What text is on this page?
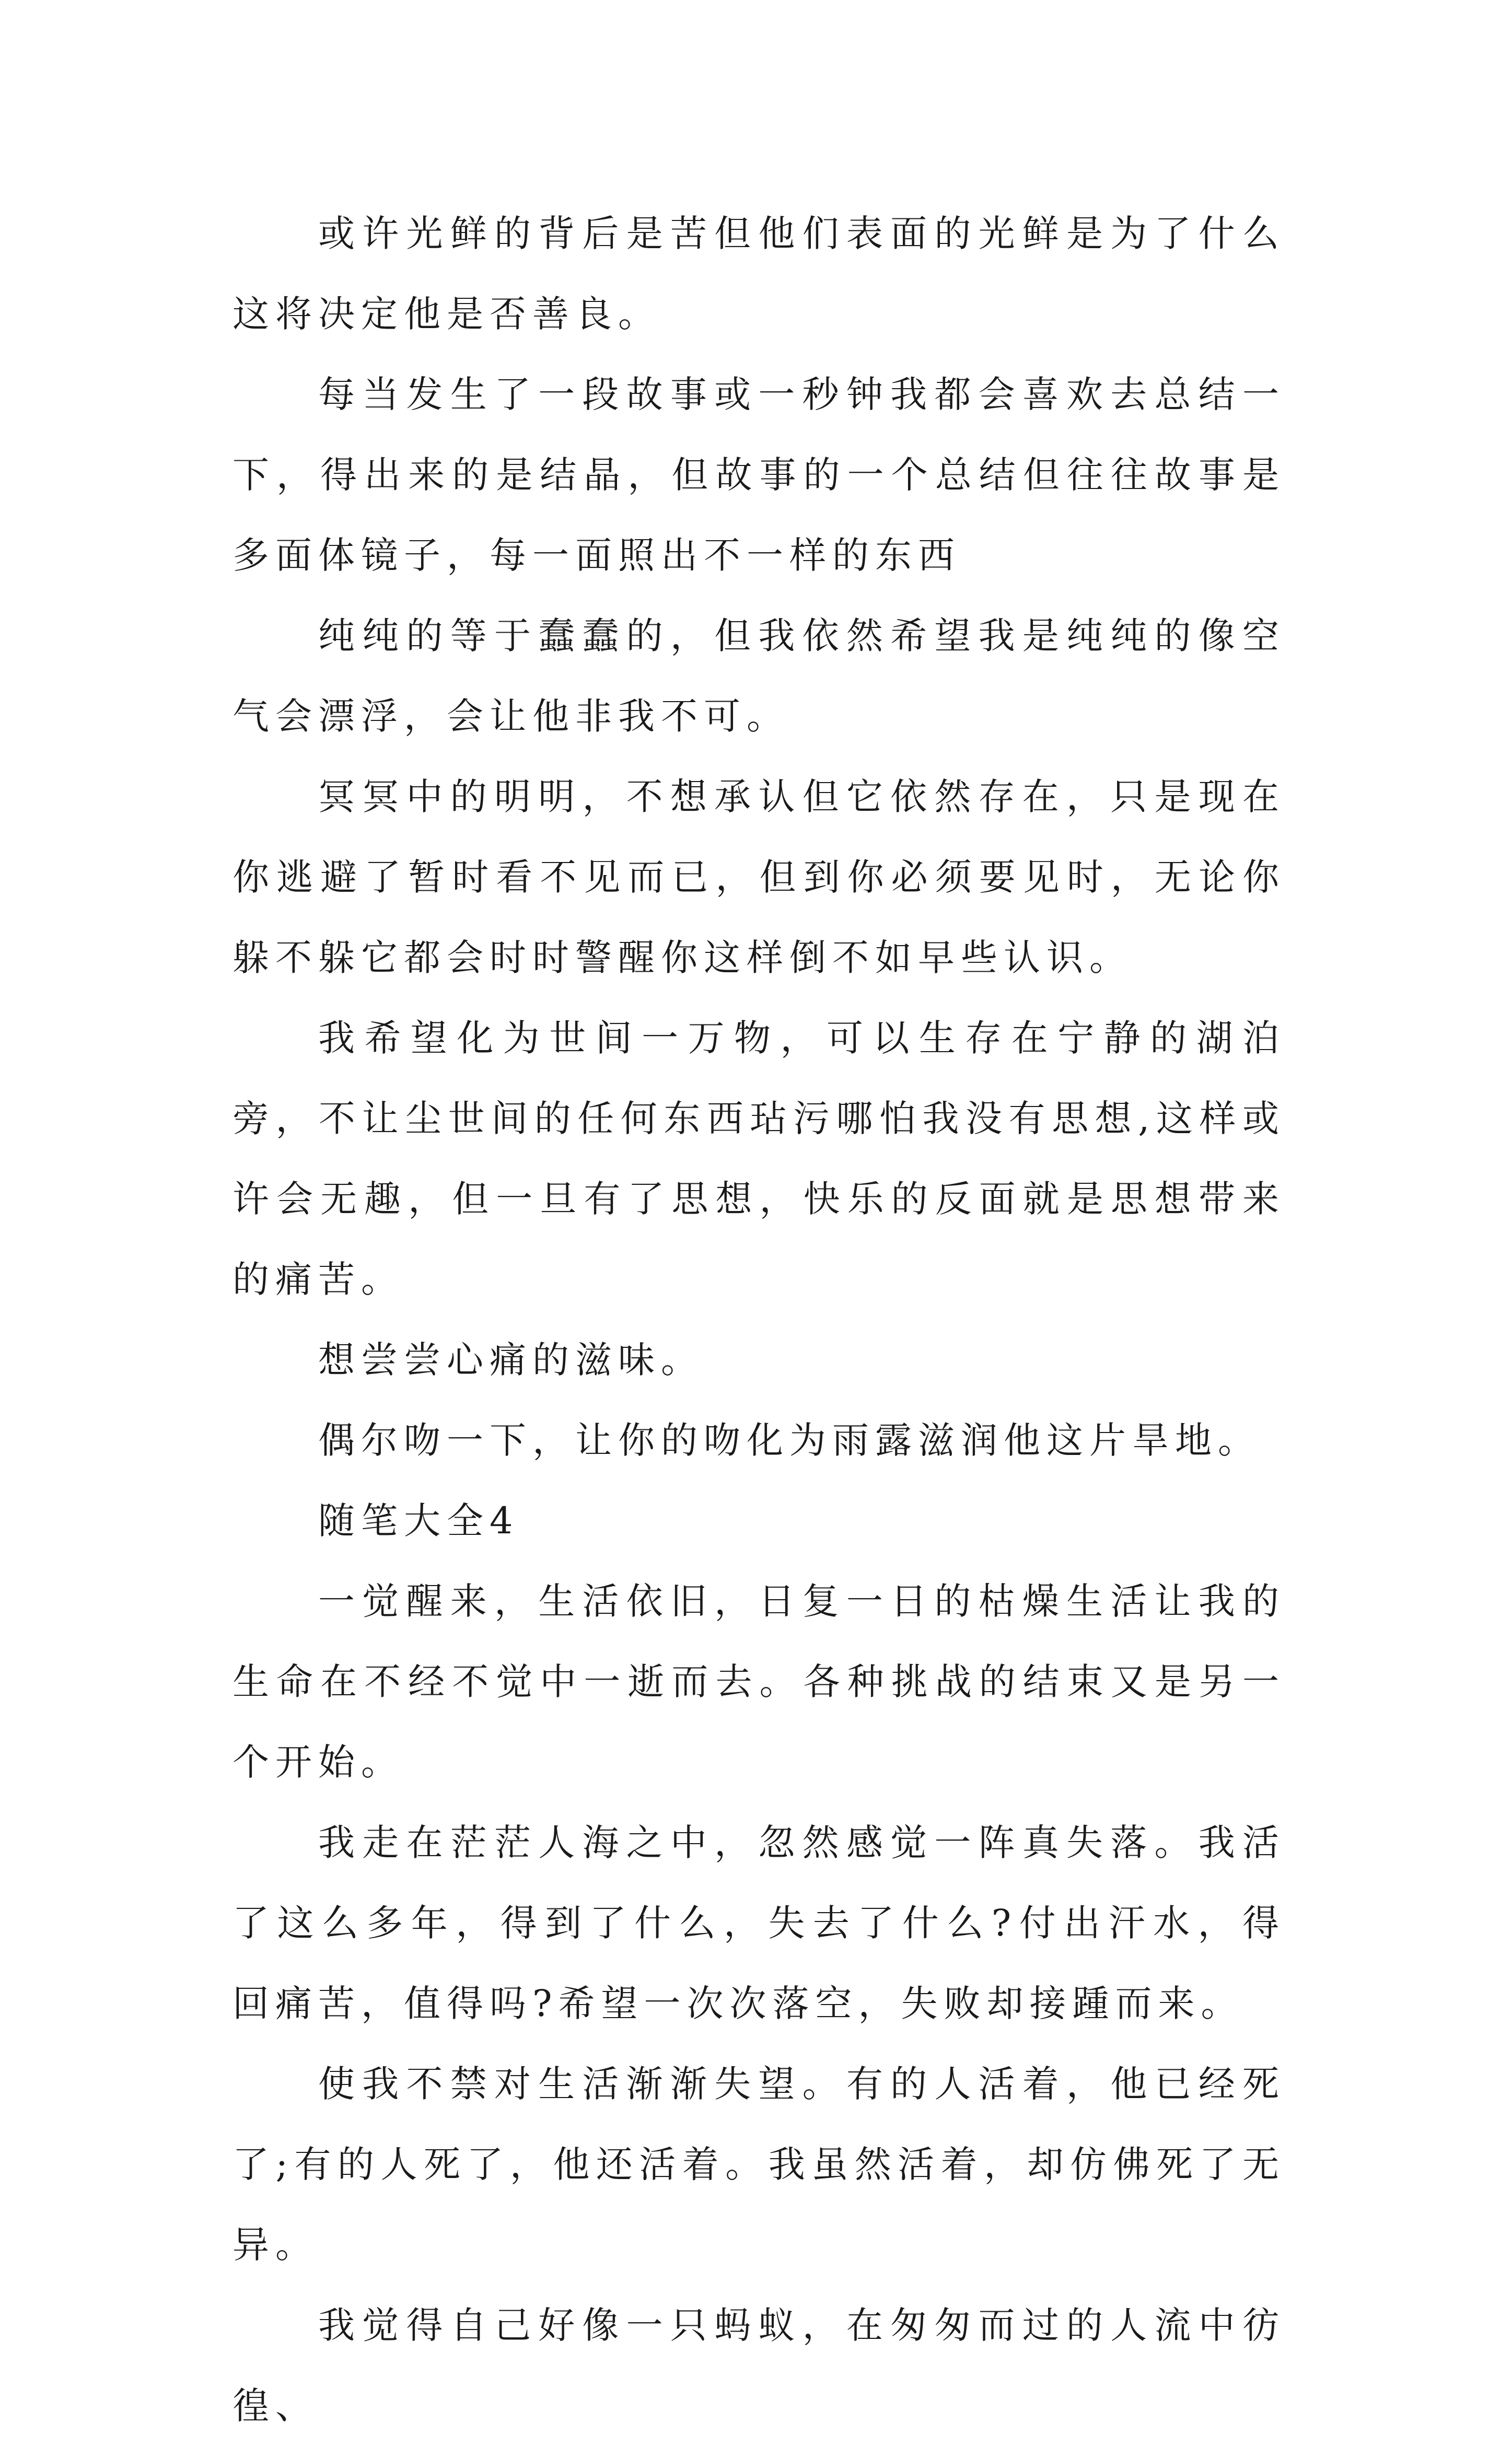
或许光鲜的背后是苦但他们表面的光鲜是为了什么这将决定他是否善良。

每当发生了一段故事或一秒钟我都会喜欢去总结一下，得出来的是结晶，但故事的一个总结但往往故事是多面体镜子，每一面照出不一样的东西

纯纯的等于蠢蠢的，但我依然希望我是纯纯的像空气会漂浮，会让他非我不可。

冥冥中的明明，不想承认但它依然存在，只是现在你逃避了暂时看不见而已，但到你必须要见时，无论你躲不躲它都会时时警醒你这样倒不如早些认识。

我希望化为世间一万物，可以生存在宁静的湖泊旁，不让尘世间的任何东西玷污哪怕我没有思想,这样或许会无趣，但一旦有了思想，快乐的反面就是思想带来的痛苦。

想尝尝心痛的滋味。

偶尔吻一下，让你的吻化为雨露滋润他这片旱地。

随笔大全4

一觉醒来，生活依旧，日复一日的枯燥生活让我的生命在不经不觉中一逝而去。各种挑战的结束又是另一个开始。

我走在茫茫人海之中，忽然感觉一阵真失落。我活了这么多年，得到了什么，失去了什么?付出汗水，得回痛苦，值得吗?希望一次次落空，失败却接踵而来。

使我不禁对生活渐渐失望。有的人活着，他已经死了;有的人死了，他还活着。我虽然活着，却仿佛死了无异。

我觉得自己好像一只蚂蚁，在匆匆而过的人流中彷徨、
